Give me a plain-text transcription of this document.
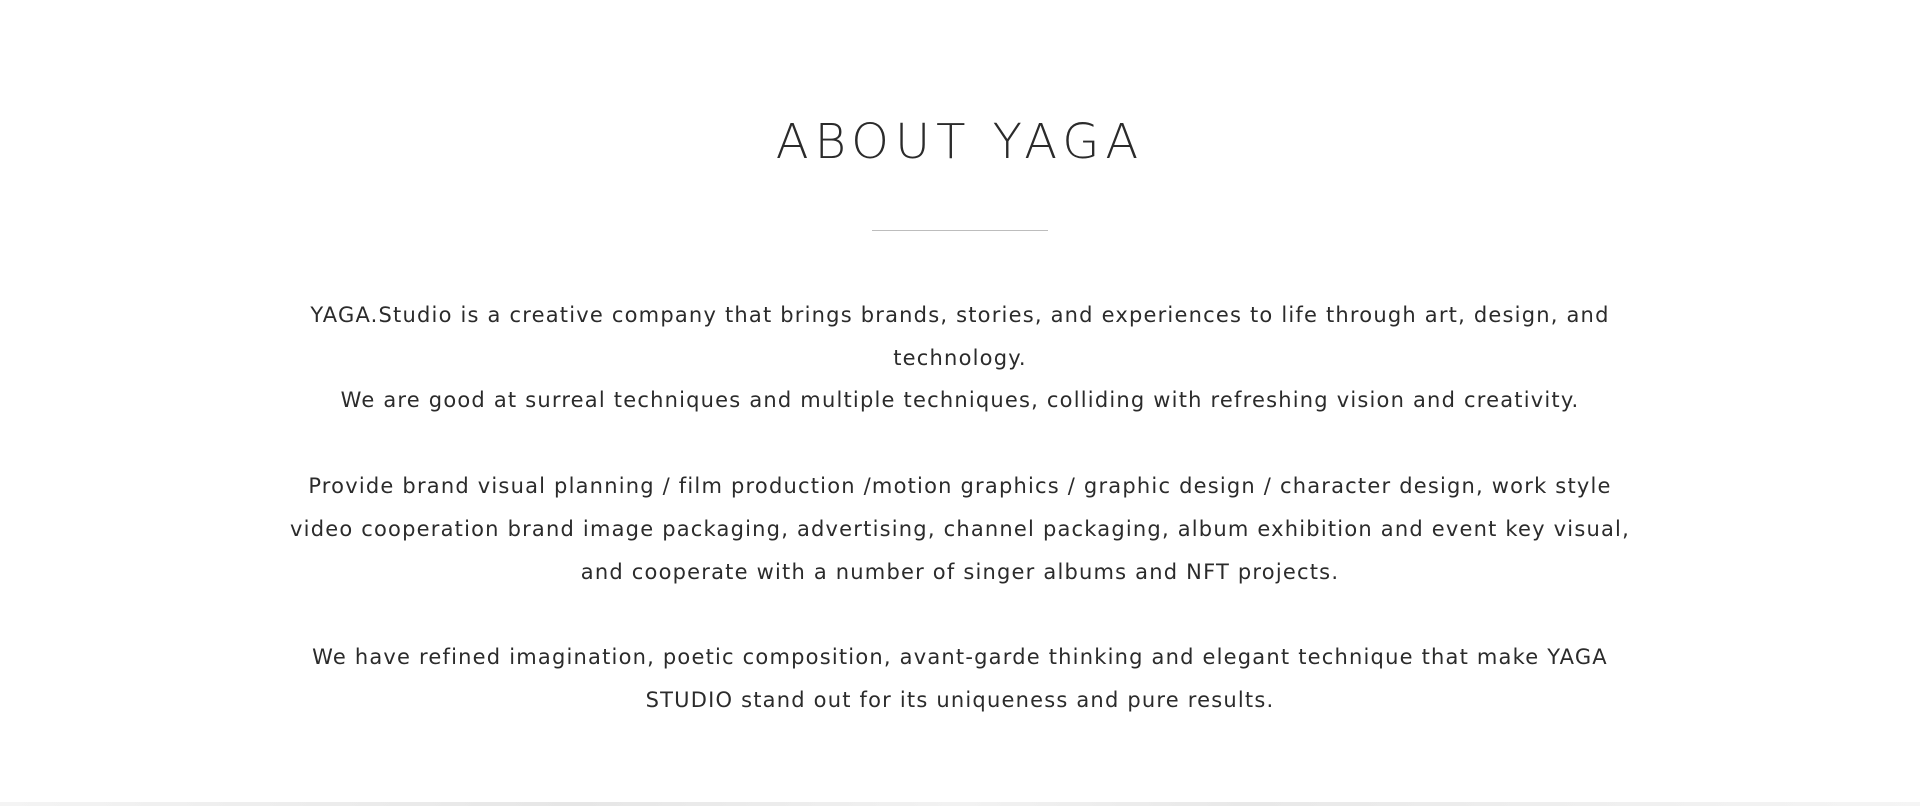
ABOUT YAGA

YAGA.Studio is a creative company that brings brands, stories, and experiences to life through art, design, and technology.

We are good at surreal techniques and multiple techniques, colliding with refreshing vision and creativity.

Provide brand visual planning / film production /motion graphics / graphic design / character design, work style video cooperation brand image packaging, advertising, channel packaging, album exhibition and event key visual, and cooperate with a number of singer albums and NFT projects.

We have refined imagination, poetic composition, avant-garde thinking and elegant technique that make YAGA STUDIO stand out for its uniqueness and pure results.
